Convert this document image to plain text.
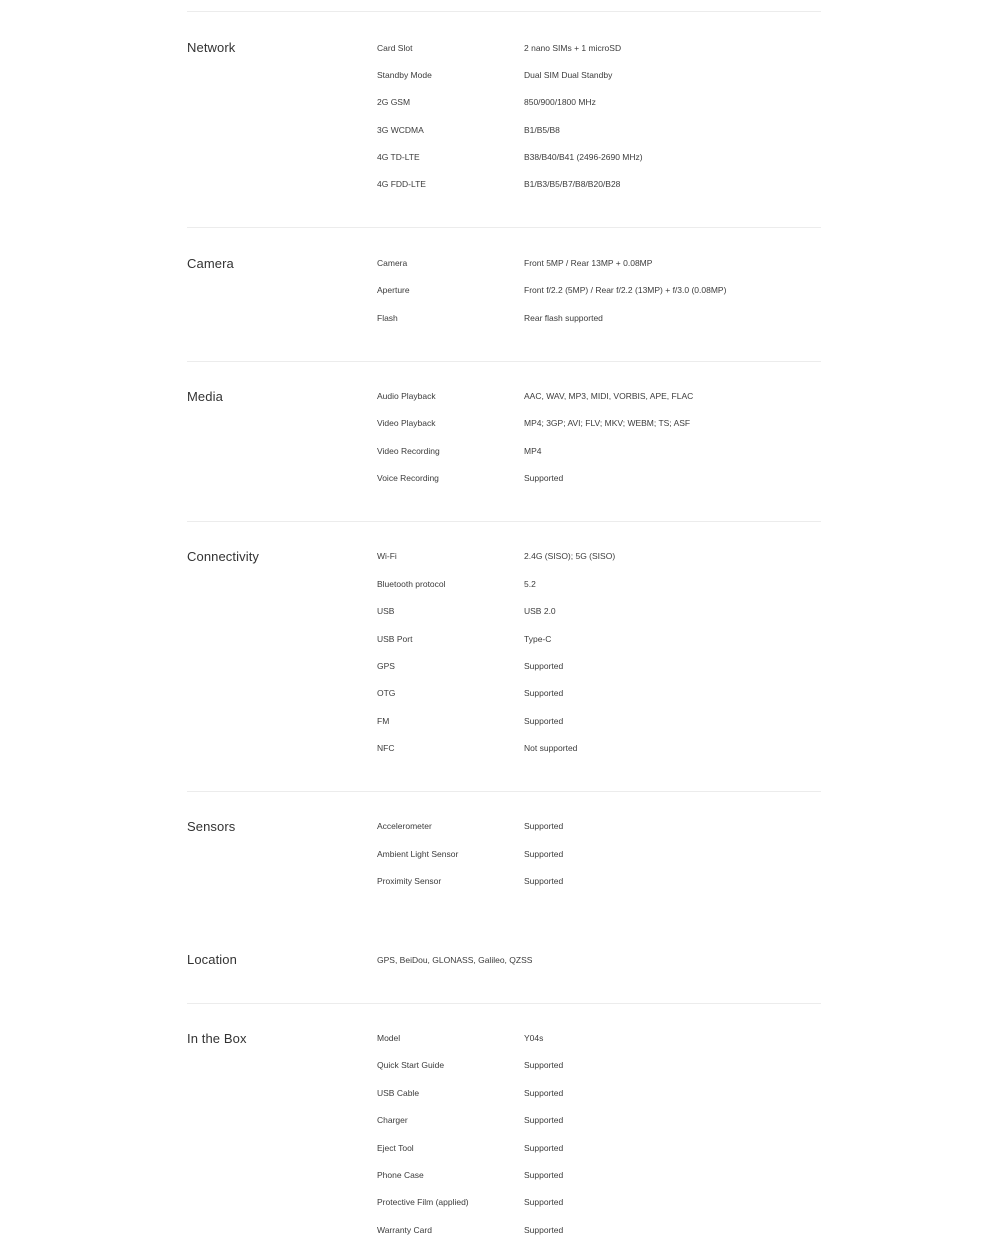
Network	Card Slot	2 nano SIMs + 1 microSD
Standby Mode	Dual SIM Dual Standby
2G GSM	850/900/1800 MHz
3G WCDMA	B1/B5/B8
4G TD-LTE	B38/B40/B41 (2496-2690 MHz)
4G FDD-LTE	B1/B3/B5/B7/B8/B20/B28
Camera	Camera	Front 5MP / Rear 13MP + 0.08MP
Aperture	Front f/2.2 (5MP) / Rear f/2.2 (13MP) + f/3.0 (0.08MP)
Flash	Rear flash supported
Media	Audio Playback	AAC, WAV, MP3, MIDI, VORBIS, APE, FLAC
Video Playback	MP4; 3GP; AVI; FLV; MKV; WEBM; TS; ASF
Video Recording	MP4
Voice Recording	Supported
Connectivity	Wi-Fi	2.4G (SISO); 5G (SISO)
Bluetooth protocol	5.2
USB	USB 2.0
USB Port	Type-C
GPS	Supported
OTG	Supported
FM	Supported
NFC	Not supported
Sensors	Accelerometer	Supported
Ambient Light Sensor	Supported
Proximity Sensor	Supported
Location	GPS, BeiDou, GLONASS, Galileo, QZSS
In the Box	Model	Y04s
Quick Start Guide	Supported
USB Cable	Supported
Charger	Supported
Eject Tool	Supported
Phone Case	Supported
Protective Film (applied)	Supported
Warranty Card	Supported
